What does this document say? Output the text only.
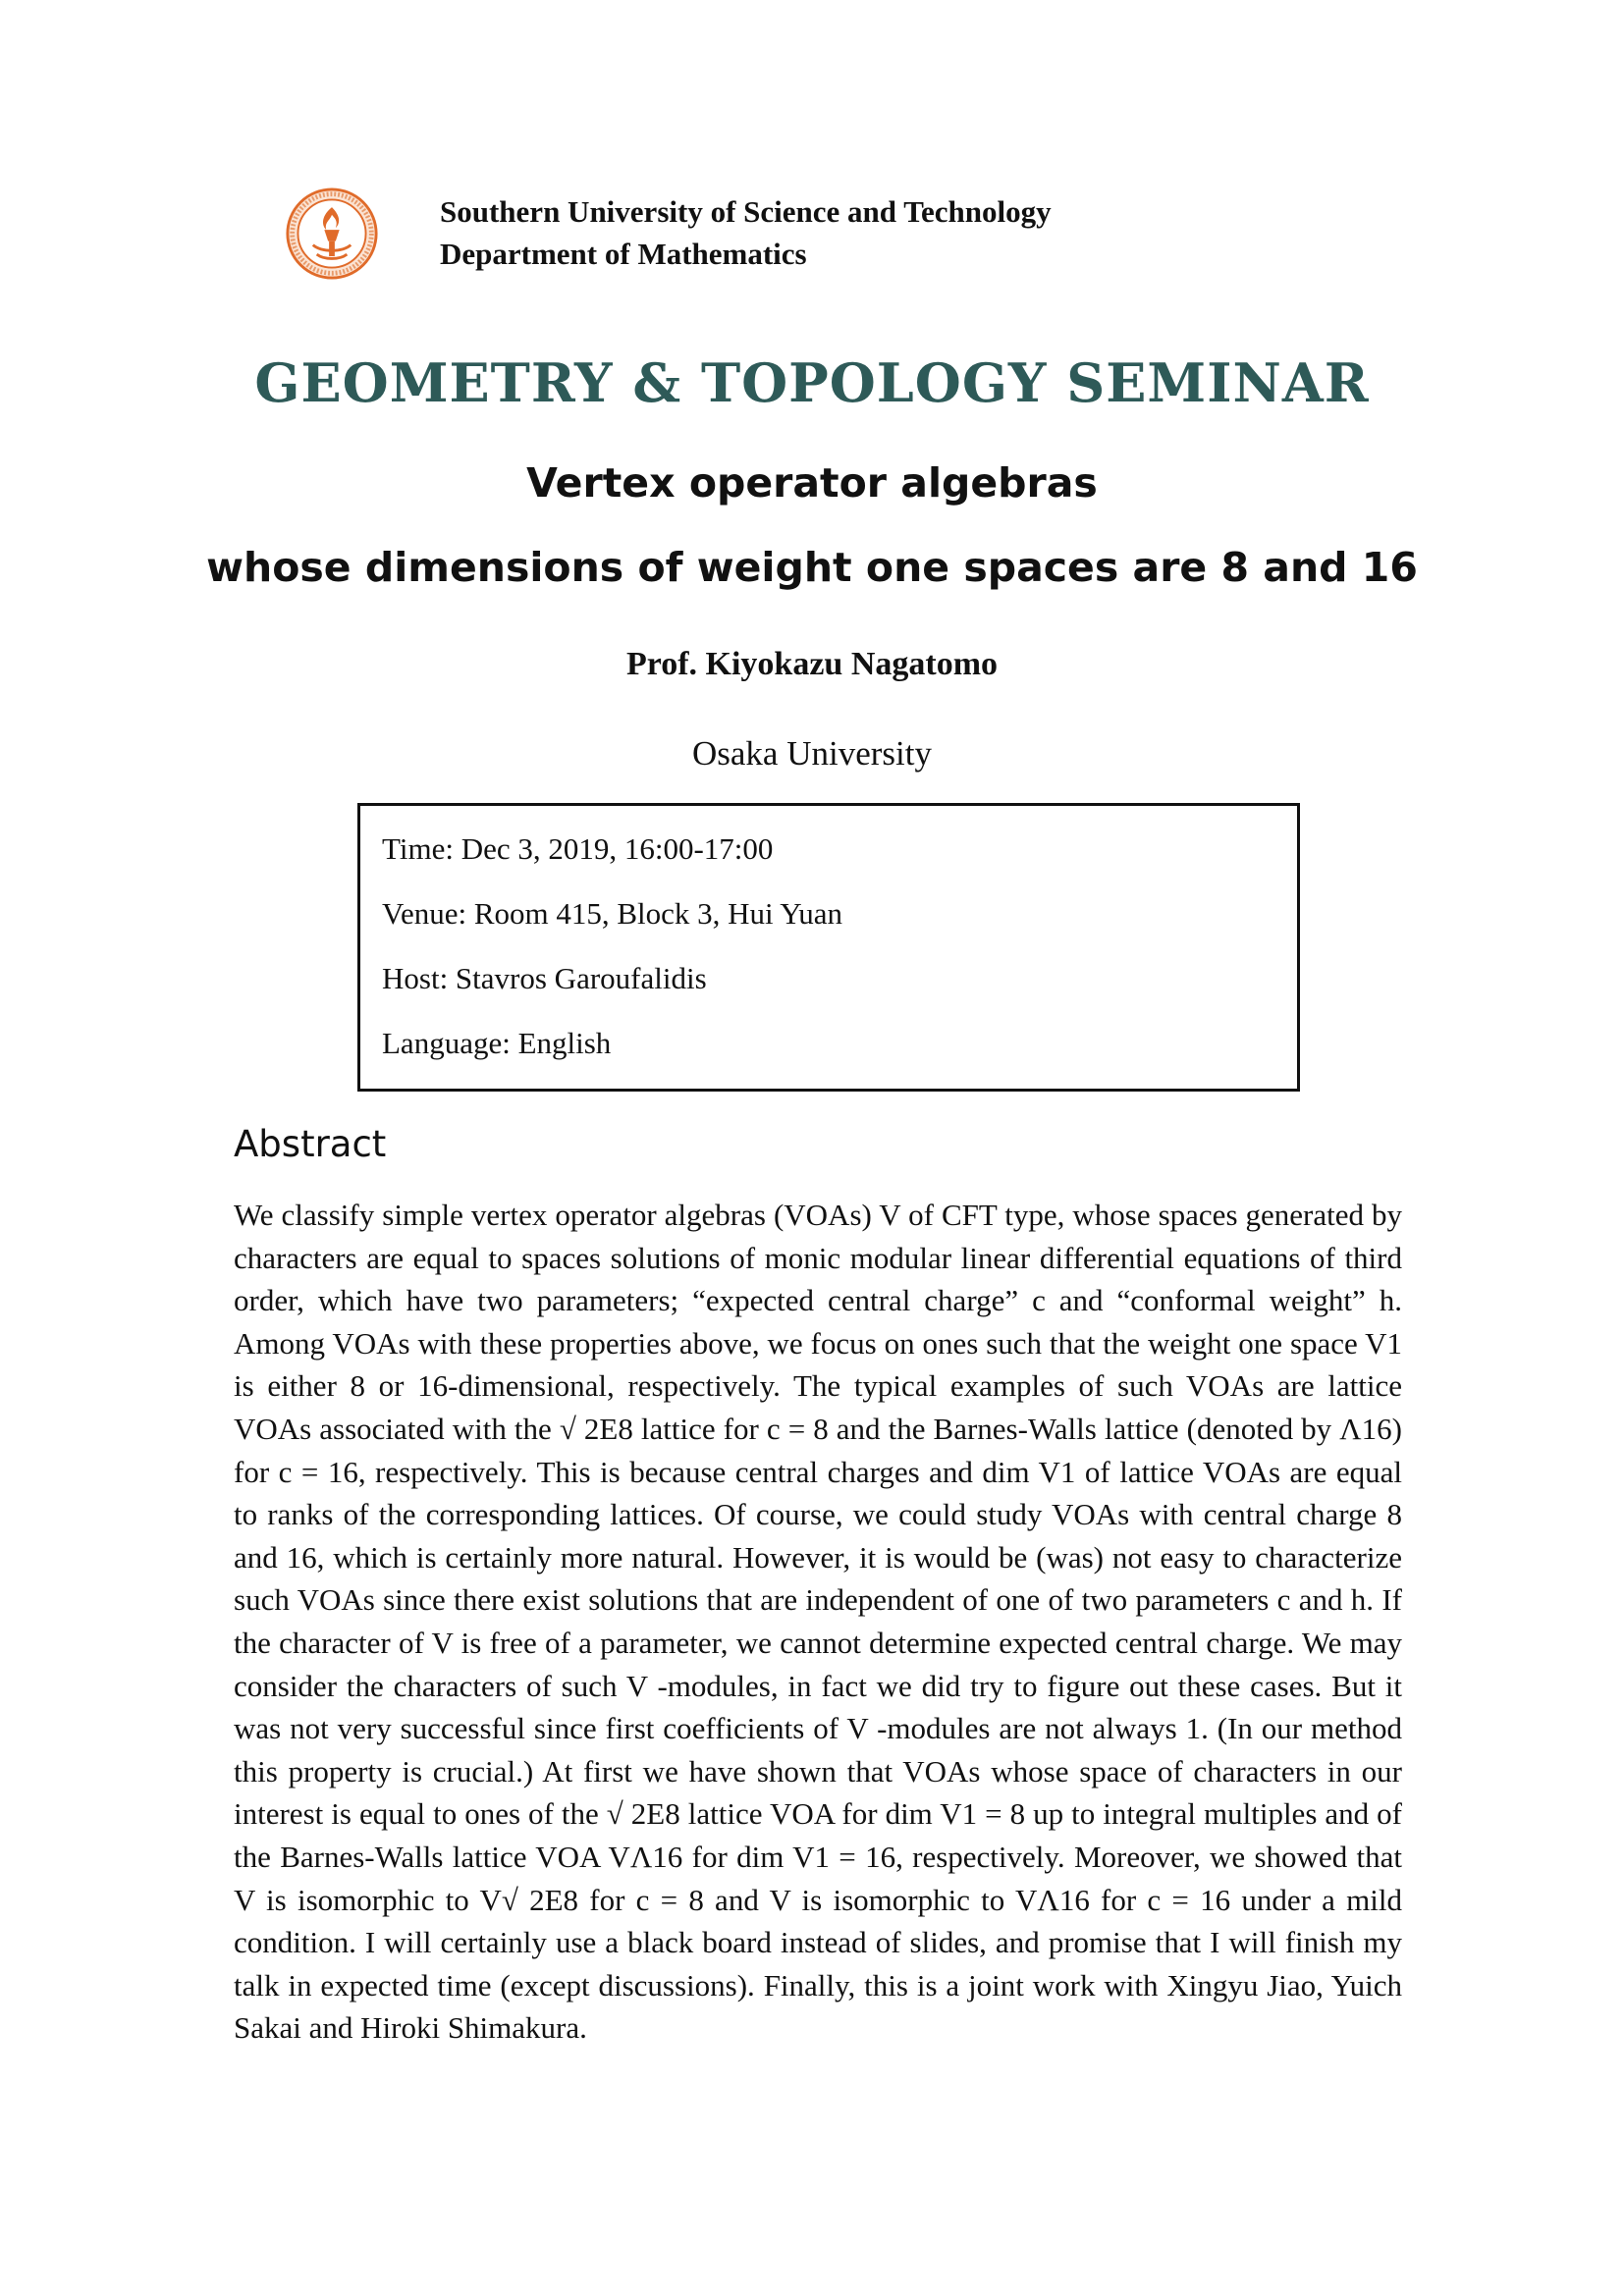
Southern University of Science and Technology
Department of Mathematics
GEOMETRY & TOPOLOGY SEMINAR
Vertex operator algebras
whose dimensions of weight one spaces are 8 and 16
Prof. Kiyokazu Nagatomo
Osaka University
Time: Dec 3, 2019, 16:00-17:00
Venue: Room 415, Block 3, Hui Yuan
Host: Stavros Garoufalidis
Language: English
Abstract
We classify simple vertex operator algebras (VOAs) V of CFT type, whose spaces generated by characters are equal to spaces solutions of monic modular linear differential equations of third order, which have two parameters; “expected central charge” c and “conformal weight” h. Among VOAs with these properties above, we focus on ones such that the weight one space V1 is either 8 or 16-dimensional, respectively. The typical examples of such VOAs are lattice VOAs associated with the √ 2E8 lattice for c = 8 and the Barnes-Walls lattice (denoted by Λ16) for c = 16, respectively. This is because central charges and dim V1 of lattice VOAs are equal to ranks of the corresponding lattices. Of course, we could study VOAs with central charge 8 and 16, which is certainly more natural. However, it is would be (was) not easy to characterize such VOAs since there exist solutions that are independent of one of two parameters c and h. If the character of V is free of a parameter, we cannot determine expected central charge. We may consider the characters of such V -modules, in fact we did try to figure out these cases. But it was not very successful since first coefficients of V -modules are not always 1. (In our method this property is crucial.) At first we have shown that VOAs whose space of characters in our interest is equal to ones of the √ 2E8 lattice VOA for dim V1 = 8 up to integral multiples and of the Barnes-Walls lattice VOA VΛ16 for dim V1 = 16, respectively. Moreover, we showed that V is isomorphic to V√ 2E8 for c = 8 and V is isomorphic to VΛ16 for c = 16 under a mild condition. I will certainly use a black board instead of slides, and promise that I will finish my talk in expected time (except discussions). Finally, this is a joint work with Xingyu Jiao, Yuich Sakai and Hiroki Shimakura.
